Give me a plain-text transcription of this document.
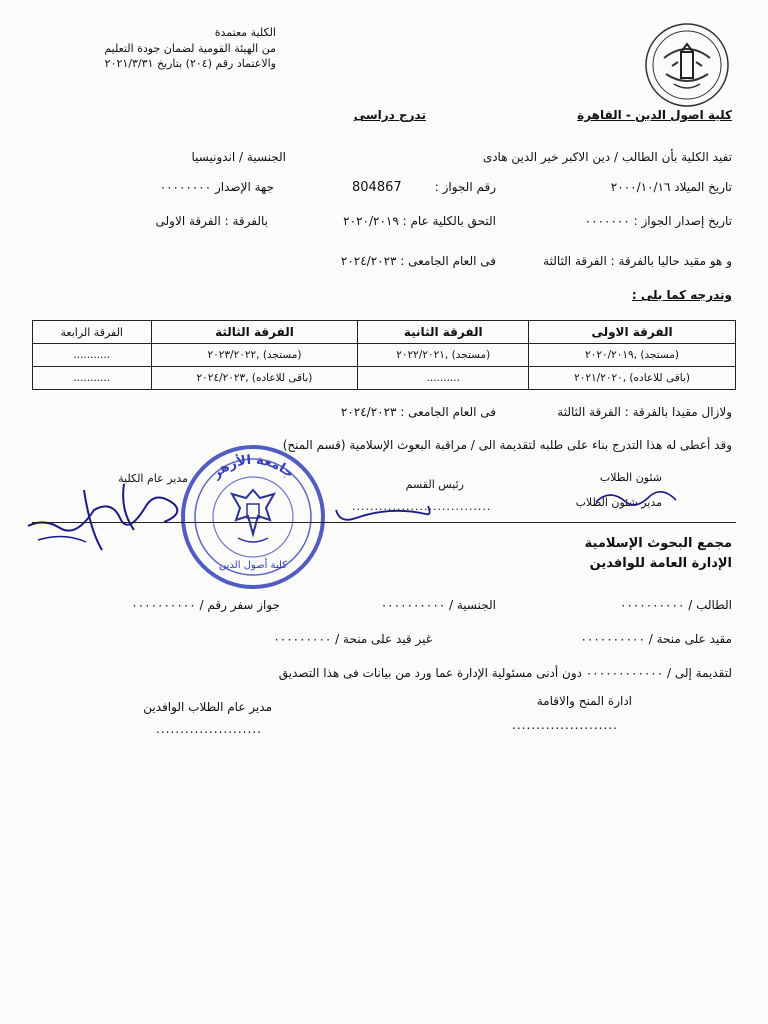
الكلية معتمدة
من الهيئة القومية لضمان جودة التعليم
والاعتماد رقم (٢٠٤) بتاريخ ٢٠٢١/٣/٣١
كلية اصول الدين - القاهرة
تدرج دراسى
تفيد الكلية بأن الطالب / دين الاكبر خير الدين هادى
الجنسية / اندونيسيا
تاريخ الميلاد ٢٠٠٠/١٠/١٦
رقم الجواز :
804867
جهة الإصدار ٠٠٠٠٠٠٠٠
تاريخ إصدار الجواز : ٠٠٠٠٠٠٠
التحق بالكلية عام : ٢٠٢٠/٢٠١٩
بالفرقة : الفرقة الاولى
و هو مقيد حاليا بالفرقة : الفرقة الثالثة
فى العام الجامعى : ٢٠٢٤/٢٠٢٣
وتدرجه كما يلى :
الفرقة الاولى	الفرقة الثانية	الفرقة الثالثة	الفرقة الرابعة
(مستجد) ,٢٠٢٠/٢٠١٩	(مستجد) ,٢٠٢٢/٢٠٢١	(مستجد) ,٢٠٢٣/٢٠٢٢	...........
(باقى للاعاده) ,٢٠٢١/٢٠٢٠	..........	(باقى للاعاده) ,٢٠٢٤/٢٠٢٣	...........
ولازال مقيدا بالفرقة : الفرقة الثالثة
فى العام الجامعى : ٢٠٢٤/٢٠٢٣
وقد أعطى له هذا التدرج بناء على طلبه لتقديمة الى / مراقبة البعوث الإسلامية (قسم المنح)
شئون الطلاب
رئيس القسم
مدير عام الكلية
مدير شئون الطلاب
...............................
جامعة الأزهر
كلية أصول الدين
مجمع البحوث الإسلامية
الإدارة العامة للوافدين
الطالب / ٠٠٠٠٠٠٠٠٠٠
الجنسية / ٠٠٠٠٠٠٠٠٠٠
جواز سفر رقم / ٠٠٠٠٠٠٠٠٠٠
مقيد على منحة / ٠٠٠٠٠٠٠٠٠٠
غير قيد على منحة / ٠٠٠٠٠٠٠٠٠
لتقديمة إلى / ٠٠٠٠٠٠٠٠٠٠٠٠ دون أدنى مسئولية الإدارة عما ورد من بيانات فى هذا التصديق
ادارة المنح والاقامة
مدير عام الطلاب الوافدين
......................
......................
